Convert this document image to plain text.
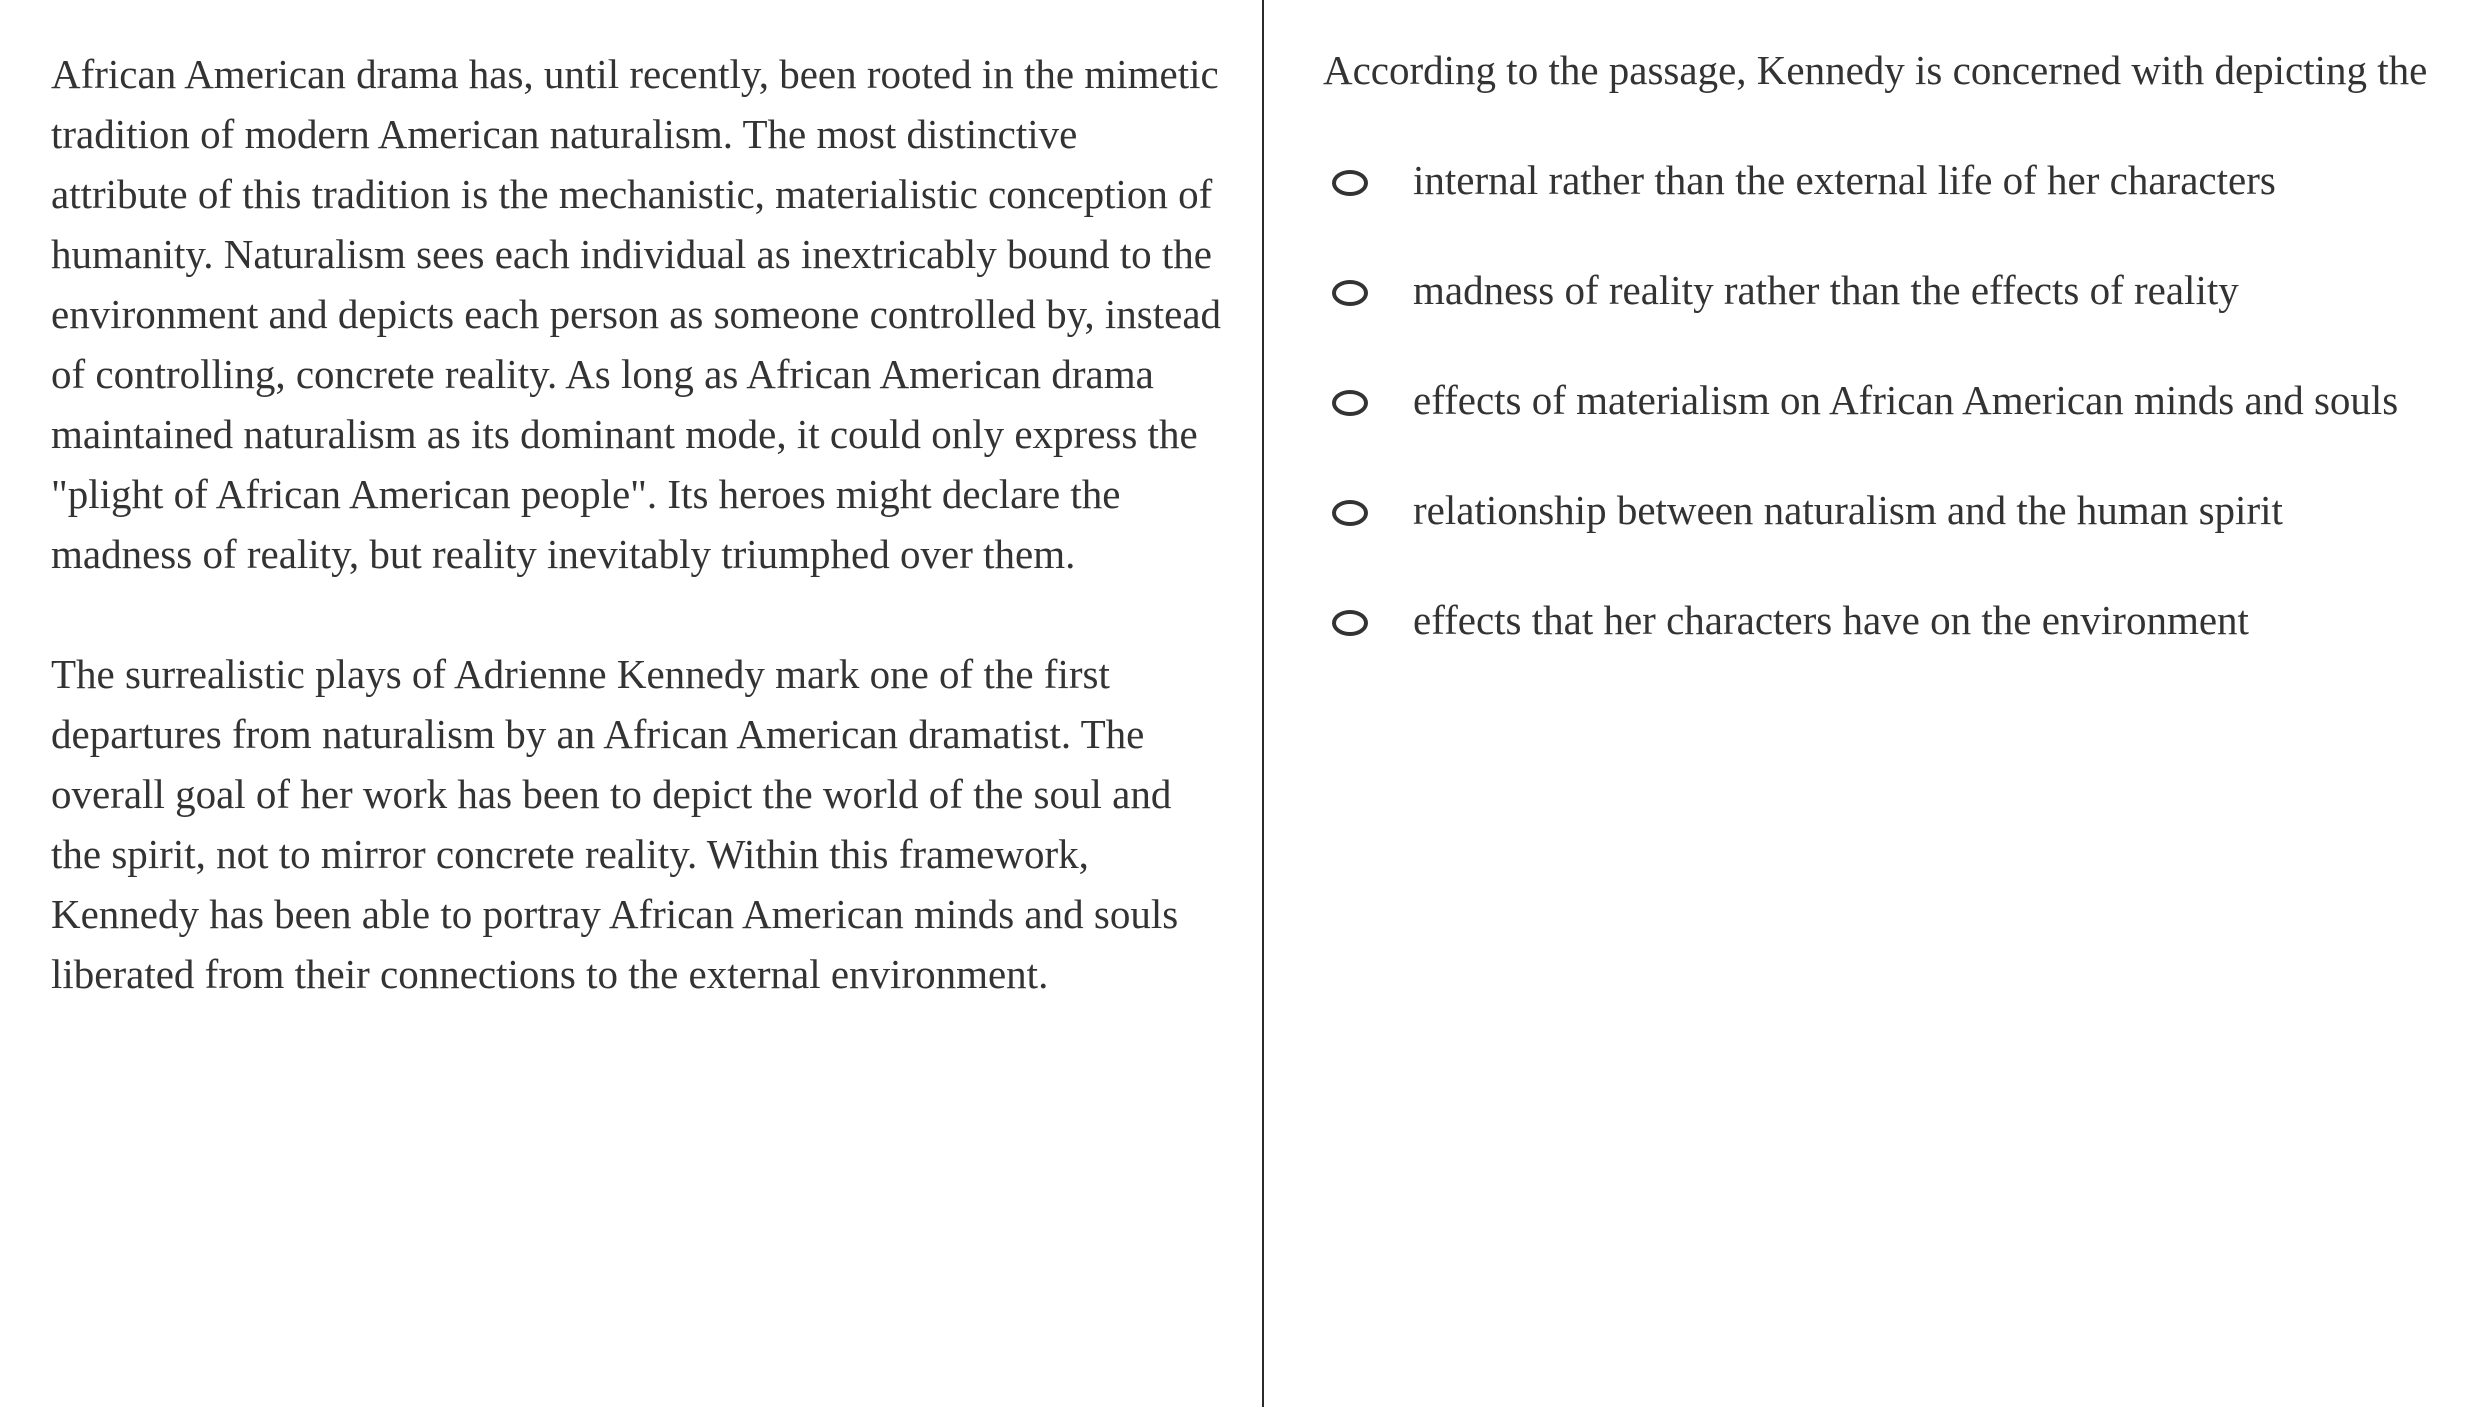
African American drama has, until recently, been rooted in the mimetic tradition of modern American naturalism. The most distinctive attribute of this tradition is the mechanistic, materialistic conception of humanity. Naturalism sees each individual as inextricably bound to the environment and depicts each person as someone controlled by, instead of controlling, concrete reality. As long as African American drama maintained naturalism as its dominant mode, it could only express the "plight of African American people". Its heroes might declare the madness of reality, but reality inevitably triumphed over them.

The surrealistic plays of Adrienne Kennedy mark one of the first departures from naturalism by an African American dramatist. The overall goal of her work has been to depict the world of the soul and the spirit, not to mirror concrete reality. Within this framework, Kennedy has been able to portray African American minds and souls liberated from their connections to the external environment.

According to the passage, Kennedy is concerned with depicting the

internal rather than the external life of her characters
madness of reality rather than the effects of reality
effects of materialism on African American minds and souls
relationship between naturalism and the human spirit
effects that her characters have on the environment
